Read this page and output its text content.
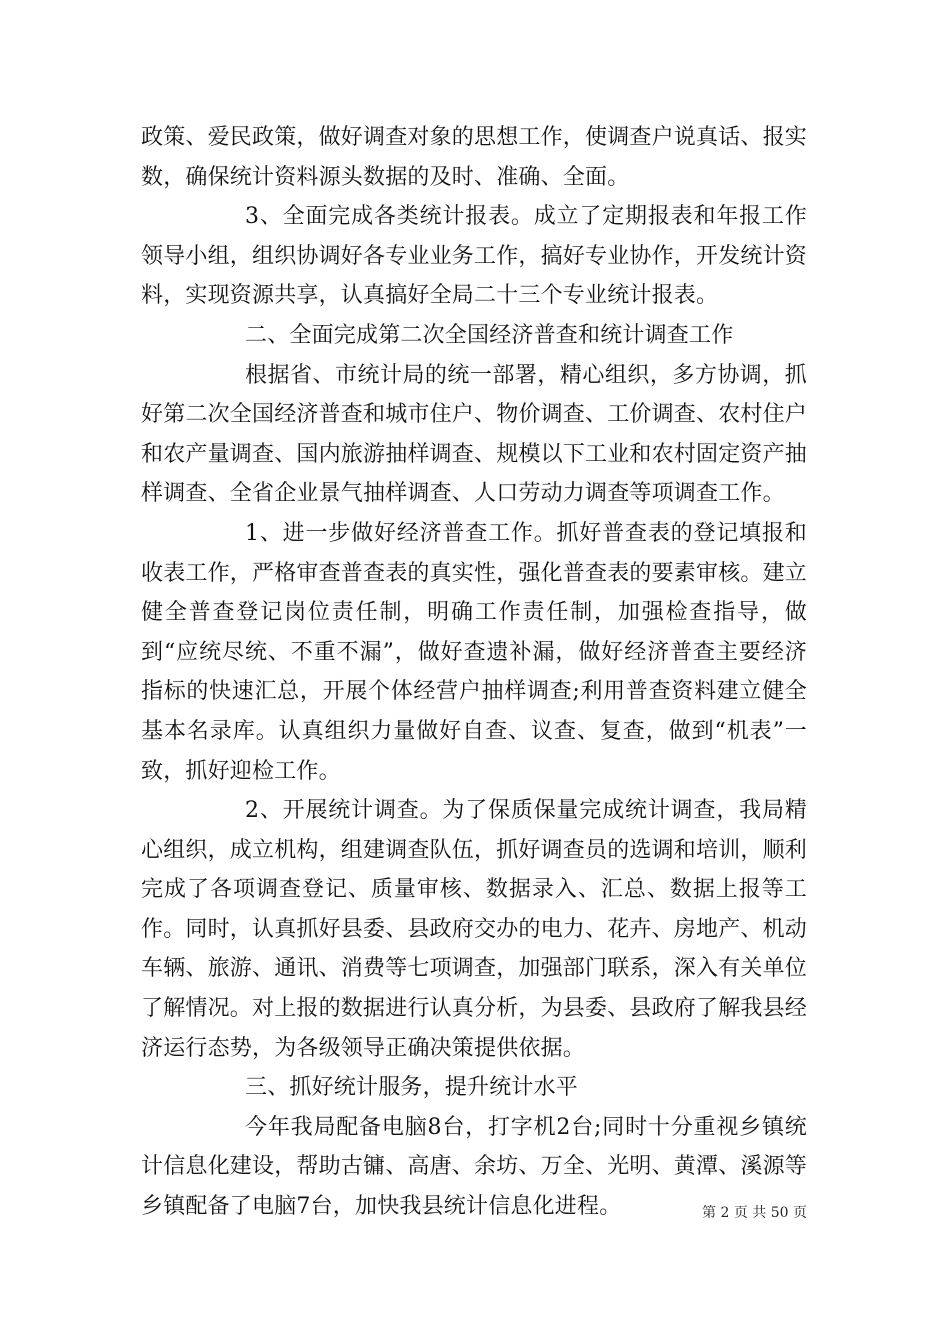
政策、爱民政策，做好调查对象的思想工作，使调查户说真话、报实数，确保统计资料源头数据的及时、准确、全面。

3、全面完成各类统计报表。成立了定期报表和年报工作领导小组，组织协调好各专业业务工作，搞好专业协作，开发统计资料，实现资源共享，认真搞好全局二十三个专业统计报表。

二、全面完成第二次全国经济普查和统计调查工作

根据省、市统计局的统一部署，精心组织，多方协调，抓好第二次全国经济普查和城市住户、物价调查、工价调查、农村住户和农产量调查、国内旅游抽样调查、规模以下工业和农村固定资产抽样调查、全省企业景气抽样调查、人口劳动力调查等项调查工作。

1、进一步做好经济普查工作。抓好普查表的登记填报和收表工作，严格审查普查表的真实性，强化普查表的要素审核。建立健全普查登记岗位责任制，明确工作责任制，加强检查指导，做到“应统尽统、不重不漏”，做好查遗补漏，做好经济普查主要经济指标的快速汇总，开展个体经营户抽样调查;利用普查资料建立健全基本名录库。认真组织力量做好自查、议查、复查，做到“机表”一致，抓好迎检工作。

2、开展统计调查。为了保质保量完成统计调查，我局精心组织，成立机构，组建调查队伍，抓好调查员的选调和培训，顺利完成了各项调查登记、质量审核、数据录入、汇总、数据上报等工作。同时，认真抓好县委、县政府交办的电力、花卉、房地产、机动车辆、旅游、通讯、消费等七项调查，加强部门联系，深入有关单位了解情况。对上报的数据进行认真分析，为县委、县政府了解我县经济运行态势，为各级领导正确决策提供依据。

三、抓好统计服务，提升统计水平

今年我局配备电脑8台，打字机2台;同时十分重视乡镇统计信息化建设，帮助古镛、高唐、余坊、万全、光明、黄潭、溪源等乡镇配备了电脑7台，加快我县统计信息化进程。	第 2 页 共 50 页
